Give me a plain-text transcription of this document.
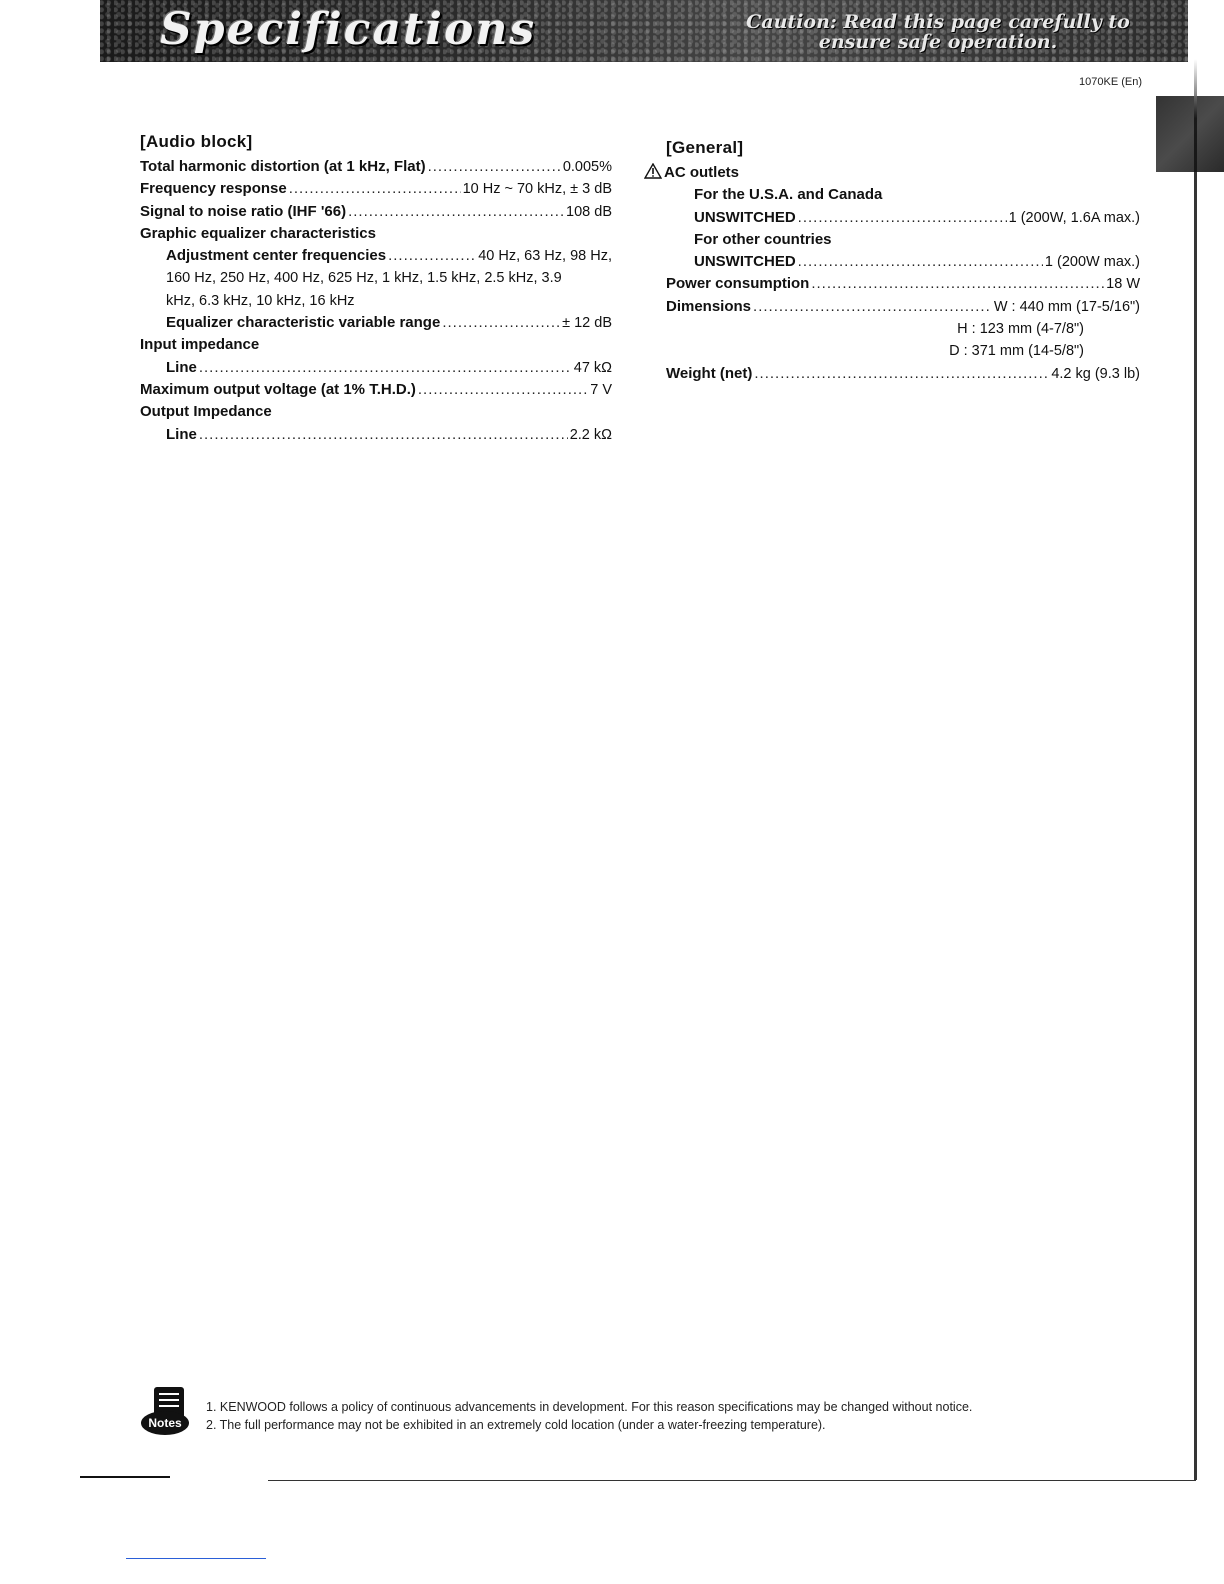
Specifications	Caution: Read this page carefully to ensure safe operation.
1070KE (En)
[Audio block]
Total harmonic distortion (at 1 kHz, Flat) .....	0.005%
Frequency response .....	10 Hz ~ 70 kHz, ± 3 dB
Signal to noise ratio (IHF '66) .....	108 dB
Graphic equalizer characteristics
Adjustment center frequencies .....	40 Hz, 63 Hz, 98 Hz,
160 Hz, 250 Hz, 400 Hz, 625 Hz, 1 kHz, 1.5 kHz, 2.5 kHz, 3.9
kHz, 6.3 kHz, 10 kHz, 16 kHz
Equalizer characteristic variable range .....	± 12 dB
Input impedance
Line .....	47 kΩ
Maximum output voltage (at 1% T.H.D.) .....	7 V
Output Impedance
Line .....	2.2 kΩ
[General]
AC outlets
For the U.S.A. and Canada
UNSWITCHED .....	1 (200W, 1.6A max.)
For other countries
UNSWITCHED .....	1 (200W max.)
Power consumption .....	18 W
Dimensions .....	W : 440 mm (17-5/16")
H : 123 mm (4-7/8")
D : 371 mm (14-5/8")
Weight (net) .....	4.2 kg (9.3 lb)
Notes
1. KENWOOD follows a policy of continuous advancements in development. For this reason specifications may be changed without notice.
2. The full performance may not be exhibited in an extremely cold location (under a water-freezing temperature).
